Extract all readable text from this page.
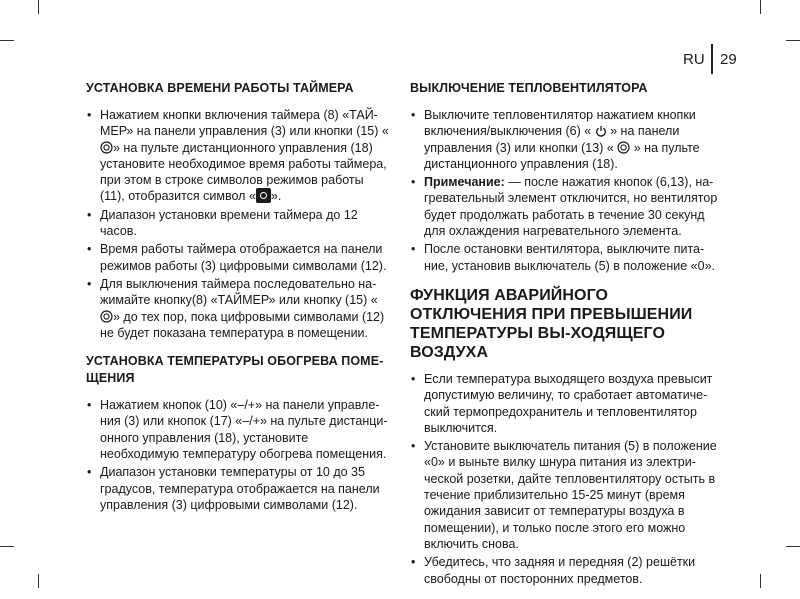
RU 29
УСТАНОВКА ВРЕМЕНИ РАБОТЫ ТАЙМЕРА
• Нажатием кнопки включения таймера (8) «ТАЙ-МЕР» на панели управления (3) или кнопки (15) «» на пульте дистанционного управления (18) установите необходимое время работы таймера, при этом в строке символов режимов работы (11), отобразится символ « ».
• Диапазон установки времени таймера до 12 часов.
• Время работы таймера отображается на панели режимов работы (3) цифровыми символами (12).
• Для выключения таймера последовательно на-жимайте кнопку(8) «ТАЙМЕР» или кнопку (15) «» до тех пор, пока цифровыми символами (12) не будет показана температура в помещении.
УСТАНОВКА ТЕМПЕРАТУРЫ ОБОГРЕВА ПОМЕ-ЩЕНИЯ
• Нажатием кнопок (10) «–/+» на панели управле-ния (3) или кнопок (17) «–/+» на пульте дистанци-онного управления (18), установите необходимую температуру обогрева помещения.
• Диапазон установки температуры от 10 до 35 градусов, температура отображается на панели управления (3) цифровыми символами (12).
ВЫКЛЮЧЕНИЕ ТЕПЛОВЕНТИЛЯТОРА
• Выключите тепловентилятор нажатием кнопки включения/выключения (6) «  » на панели управления (3) или кнопки (13) «  » на пульте дистанционного управления (18).
• Примечание: — после нажатия кнопок (6,13), на-гревательный элемент отключится, но вентилятор будет продолжать работать в течение 30 секунд для охлаждения нагревательного элемента.
• После остановки вентилятора, выключите пита-ние, установив выключатель (5) в положение «0».
ФУНКЦИЯ АВАРИЙНОГО ОТКЛЮЧЕНИЯ ПРИ ПРЕВЫШЕНИИ ТЕМПЕРАТУРЫ ВЫ-ХОДЯЩЕГО ВОЗДУХА
• Если температура выходящего воздуха превысит допустимую величину, то сработает автоматиче-ский термопредохранитель и тепловентилятор выключится.
• Установите выключатель питания (5) в положение «0» и выньте вилку шнура питания из электри-ческой розетки, дайте тепловентилятору остыть в течение приблизительно 15-25 минут (время ожидания зависит от температуры воздуха в помещении), и только после этого его можно включить снова.
• Убедитесь, что задняя и передняя (2) решётки свободны от посторонних предметов.
